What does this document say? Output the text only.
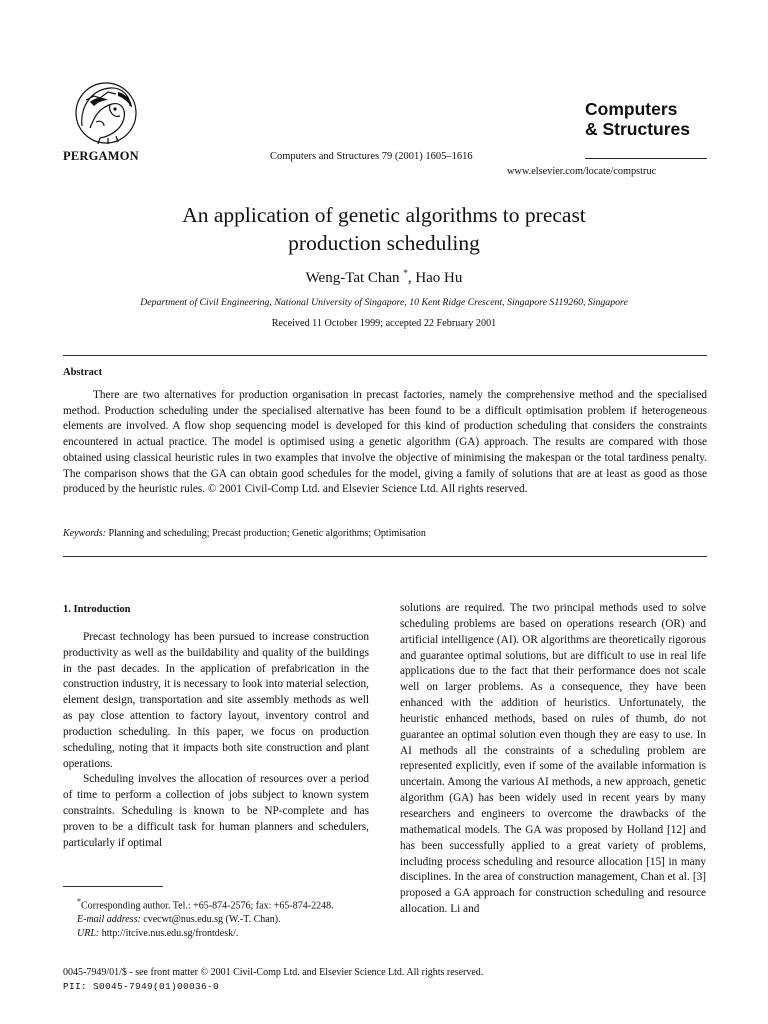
PERGAMON	Computers and Structures 79 (2001) 1605–1616
Computers
& Structures
www.elsevier.com/locate/compstruc
An application of genetic algorithms to precast
production scheduling
Weng-Tat Chan *, Hao Hu
Department of Civil Engineering, National University of Singapore, 10 Kent Ridge Crescent, Singapore S119260, Singapore
Received 11 October 1999; accepted 22 February 2001
Abstract
There are two alternatives for production organisation in precast factories, namely the comprehensive method and the specialised method. Production scheduling under the specialised alternative has been found to be a difficult optimisation problem if heterogeneous elements are involved. A flow shop sequencing model is developed for this kind of production scheduling that considers the constraints encountered in actual practice. The model is optimised using a genetic algorithm (GA) approach. The results are compared with those obtained using classical heuristic rules in two examples that involve the objective of minimising the makespan or the total tardiness penalty. The comparison shows that the GA can obtain good schedules for the model, giving a family of solutions that are at least as good as those produced by the heuristic rules. © 2001 Civil-Comp Ltd. and Elsevier Science Ltd. All rights reserved.
Keywords: Planning and scheduling; Precast production; Genetic algorithms; Optimisation
1. Introduction

Precast technology has been pursued to increase construction productivity as well as the buildability and quality of the buildings in the past decades. In the application of prefabrication in the construction industry, it is necessary to look into material selection, element design, transportation and site assembly methods as well as pay close attention to factory layout, inventory control and production scheduling. In this paper, we focus on production scheduling, noting that it impacts both site construction and plant operations.

Scheduling involves the allocation of resources over a period of time to perform a collection of jobs subject to known system constraints. Scheduling is known to be NP-complete and has proven to be a difficult task for human planners and schedulers, particularly if optimal

solutions are required. The two principal methods used to solve scheduling problems are based on operations research (OR) and artificial intelligence (AI). OR algorithms are theoretically rigorous and guarantee optimal solutions, but are difficult to use in real life applications due to the fact that their performance does not scale well on larger problems. As a consequence, they have been enhanced with the addition of heuristics. Unfortunately, the heuristic enhanced methods, based on rules of thumb, do not guarantee an optimal solution even though they are easy to use. In AI methods all the constraints of a scheduling problem are represented explicitly, even if some of the available information is uncertain. Among the various AI methods, a new approach, genetic algorithm (GA) has been widely used in recent years by many researchers and engineers to overcome the drawbacks of the mathematical models. The GA was proposed by Holland [12] and has been successfully applied to a great variety of problems, including process scheduling and resource allocation [15] in many disciplines. In the area of construction management, Chan et al. [3] proposed a GA approach for construction scheduling and resource allocation. Li and

*Corresponding author. Tel.: +65-874-2576; fax: +65-874-2248.
E-mail address: cvecwt@nus.edu.sg (W.-T. Chan).
URL: http://itcive.nus.edu.sg/frontdesk/.
0045-7949/01/$ - see front matter © 2001 Civil-Comp Ltd. and Elsevier Science Ltd. All rights reserved.
PII: S0045-7949(01)00036-0
